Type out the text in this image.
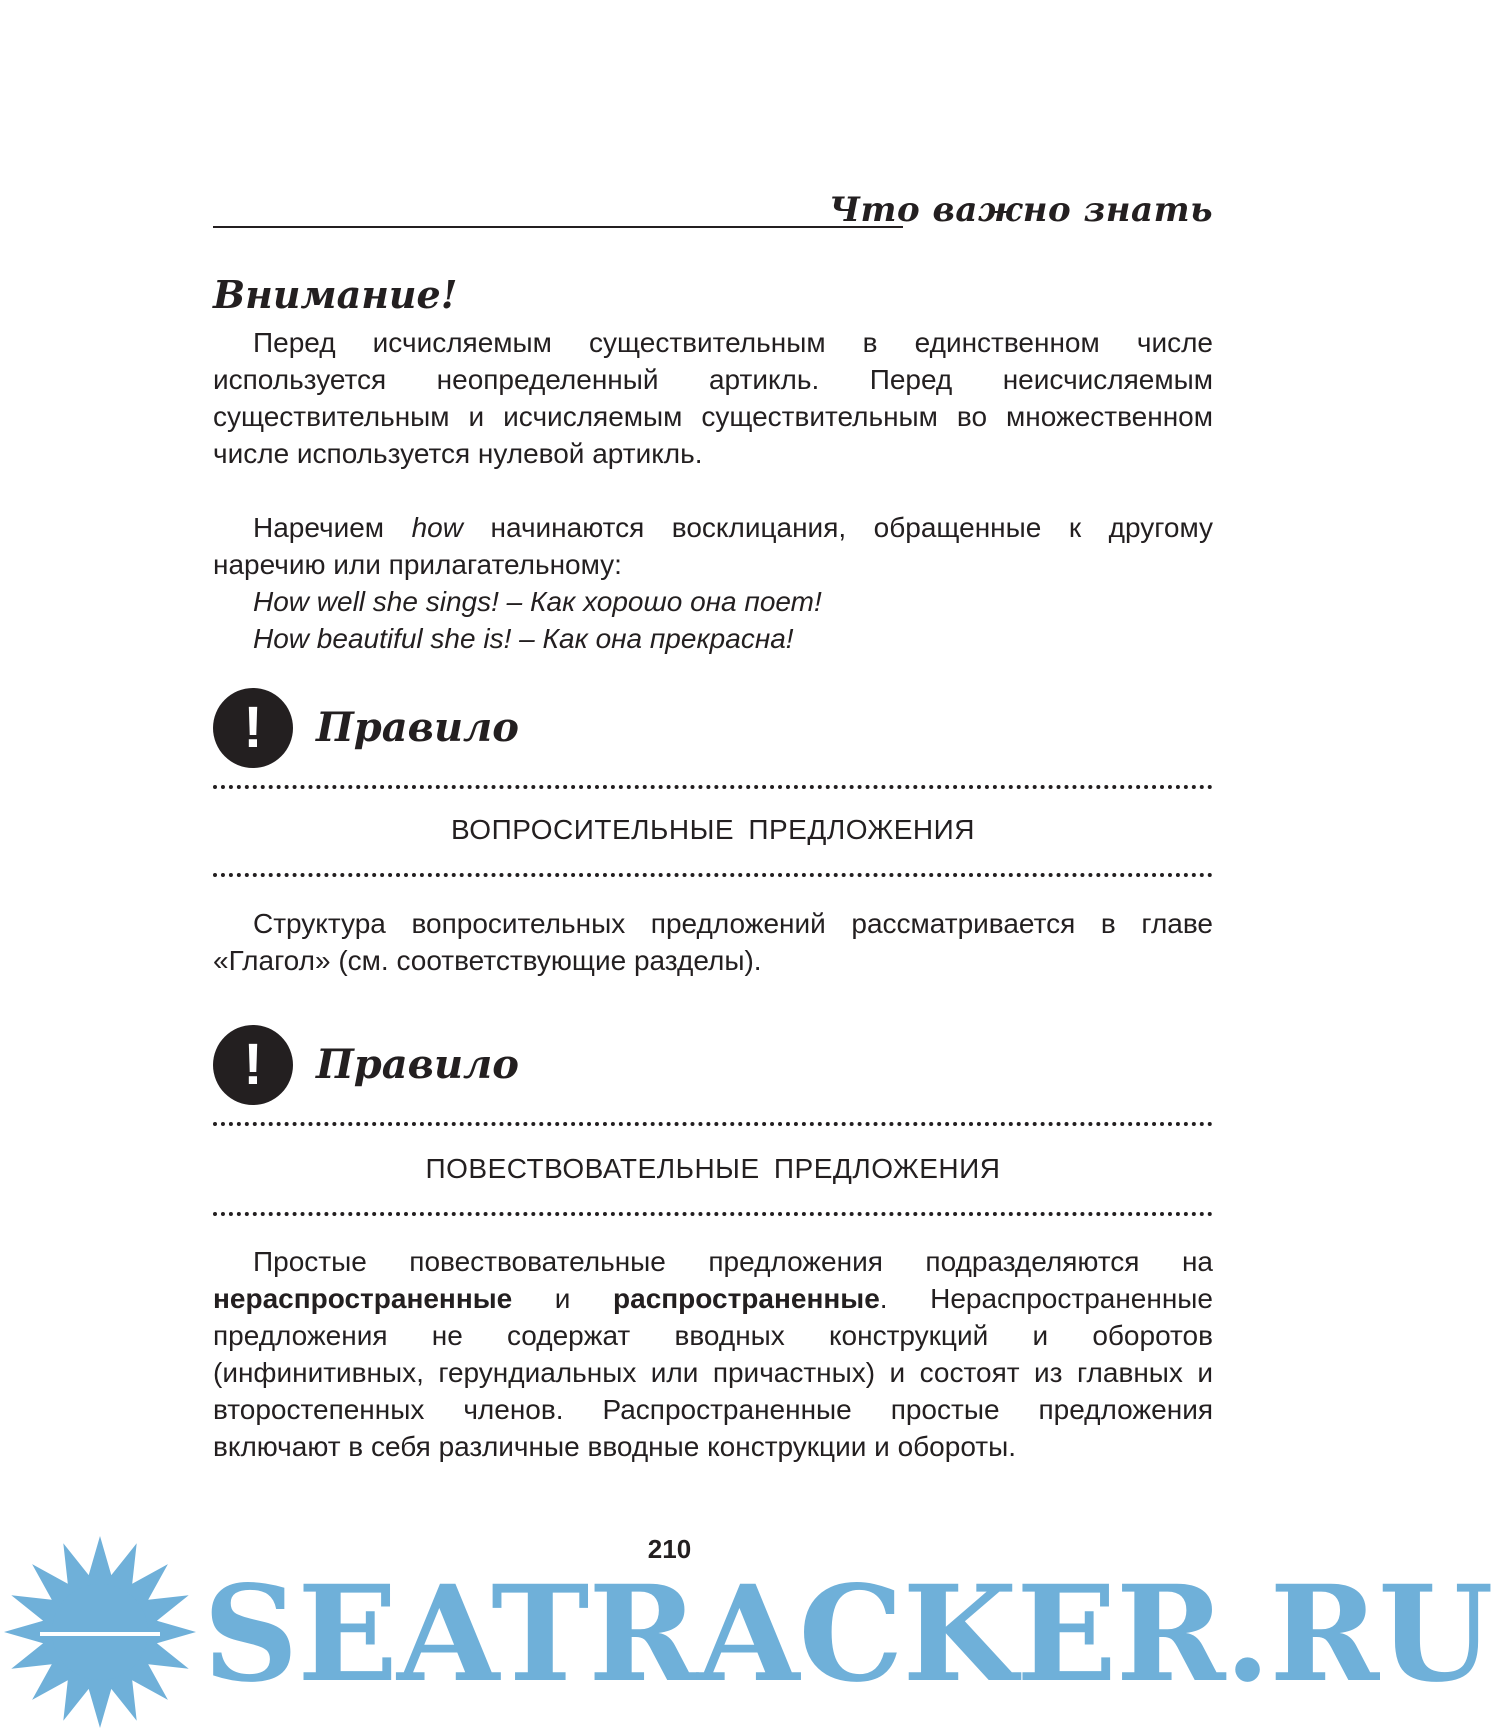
Что важно знать
Внимание!

Перед исчисляемым существительным в единственном числе используется неопределенный артикль. Перед неисчисляемым существительным и исчисляемым существительным во множественном числе используется нулевой артикль.

Наречием how начинаются восклицания, обращенные к другому наречию или прилагательному:

How well she sings! – Как хорошо она поет!

How beautiful she is! – Как она прекрасна!

!	Правило
ВОПРОСИТЕЛЬНЫЕ ПРЕДЛОЖЕНИЯ

Структура вопросительных предложений рассматривается в главе «Глагол» (см. соответствующие разделы).

!	Правило
ПОВЕСТВОВАТЕЛЬНЫЕ ПРЕДЛОЖЕНИЯ

Простые повествовательные предложения подразделяются на нераспространенные и распространенные. Нераспространенные предложения не содержат вводных конструкций и оборотов (инфинитивных, герундиальных или причастных) и состоят из главных и второстепенных членов. Распространенные простые предложения включают в себя различные вводные конструкции и обороты.

210
SEATRACKER.RU
